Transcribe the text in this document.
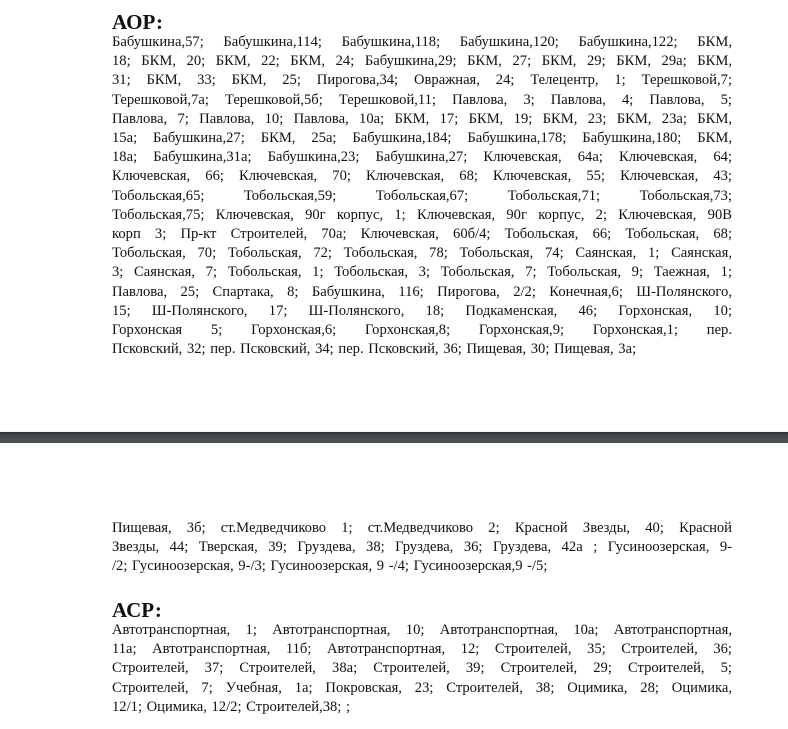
АОР:
Бабушкина,57; Бабушкина,114; Бабушкина,118; Бабушкина,120; Бабушкина,122; БКМ,
18; БКМ, 20; БКМ, 22; БКМ, 24; Бабушкина,29; БКМ, 27; БКМ, 29; БКМ, 29а; БКМ,
31; БКМ, 33; БКМ, 25; Пирогова,34; Овражная, 24; Телецентр, 1; Терешковой,7;
Терешковой,7а; Терешковой,5б; Терешковой,11; Павлова, 3; Павлова, 4; Павлова, 5;
Павлова, 7; Павлова, 10; Павлова, 10а; БКМ, 17; БКМ, 19; БКМ, 23; БКМ, 23а; БКМ,
15а; Бабушкина,27; БКМ, 25а; Бабушкина,184; Бабушкина,178; Бабушкина,180; БКМ,
18а; Бабушкина,31а; Бабушкина,23; Бабушкина,27; Ключевская, 64а; Ключевская, 64;
Ключевская, 66; Ключевская, 70; Ключевская, 68; Ключевская, 55; Ключевская, 43;
Тобольская,65; Тобольская,59; Тобольская,67; Тобольская,71; Тобольская,73;
Тобольская,75; Ключевская, 90г корпус, 1; Ключевская, 90г корпус, 2; Ключевская, 90В
корп 3; Пр-кт Строителей, 70а; Ключевская, 60б/4; Тобольская, 66; Тобольская, 68;
Тобольская, 70; Тобольская, 72; Тобольская, 78; Тобольская, 74; Саянская, 1; Саянская,
3; Саянская, 7; Тобольская, 1; Тобольская, 3; Тобольская, 7; Тобольская, 9; Таежная, 1;
Павлова, 25; Спартака, 8; Бабушкина, 116; Пирогова, 2/2; Конечная,6; Ш-Полянского,
15; Ш-Полянского, 17; Ш-Полянского, 18; Подкаменская, 46; Горхонская, 10;
Горхонская 5; Горхонская,6; Горхонская,8; Горхонская,9; Горхонская,1; пер.
Псковский, 32; пер. Псковский, 34; пер. Псковский, 36; Пищевая, 30; Пищевая, 3а;
Пищевая, 3б; ст.Медведчиково 1; ст.Медведчиково 2; Красной Звезды, 40; Красной
Звезды, 44; Тверская, 39; Груздева, 38; Груздева, 36; Груздева, 42а ; Гусиноозерская, 9-
/2; Гусиноозерская, 9-/3; Гусиноозерская, 9 -/4; Гусиноозерская,9 -/5;
АСР:
Автотранспортная, 1; Автотранспортная, 10; Автотранспортная, 10а; Автотранспортная,
11а; Автотранспортная, 11б; Автотранспортная, 12; Строителей, 35; Строителей, 36;
Строителей, 37; Строителей, 38а; Строителей, 39; Строителей, 29; Строителей, 5;
Строителей, 7; Учебная, 1а; Покровская, 23; Строителей, 38; Оцимика, 28; Оцимика,
12/1; Оцимика, 12/2; Строителей,38; ;
